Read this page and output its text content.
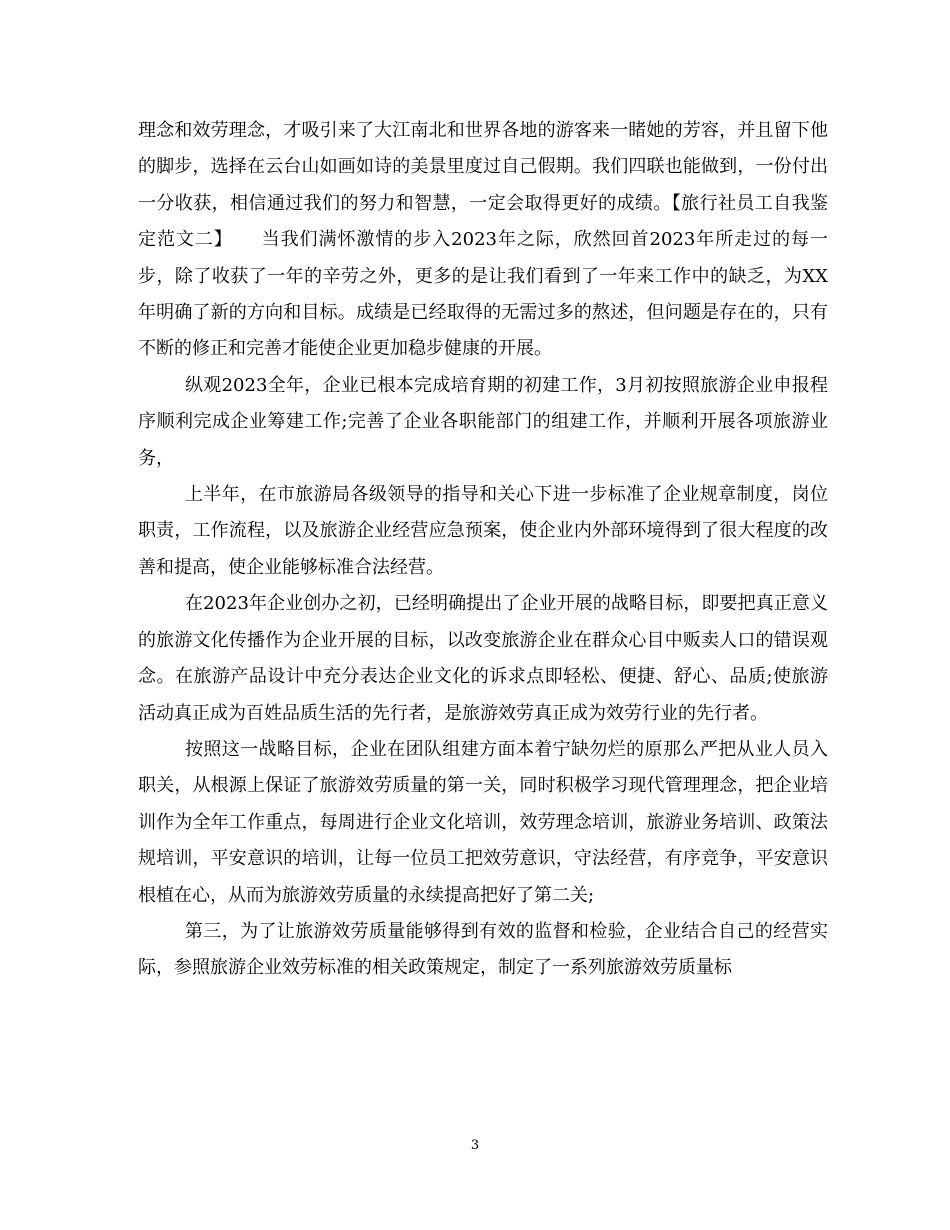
理念和效劳理念，才吸引来了大江南北和世界各地的游客来一睹她的芳容，并且留下他的脚步，选择在云台山如画如诗的美景里度过自己假期。我们四联也能做到，一份付出一分收获，相信通过我们的努力和智慧，一定会取得更好的成绩。【旅行社员工自我鉴定范文二】　　当我们满怀激情的步入2023年之际，欣然回首2023年所走过的每一步，除了收获了一年的辛劳之外，更多的是让我们看到了一年来工作中的缺乏，为XX年明确了新的方向和目标。成绩是已经取得的无需过多的熬述，但问题是存在的，只有不断的修正和完善才能使企业更加稳步健康的开展。

纵观2023全年，企业已根本完成培育期的初建工作，3月初按照旅游企业申报程序顺利完成企业筹建工作;完善了企业各职能部门的组建工作，并顺利开展各项旅游业务，

上半年，在市旅游局各级领导的指导和关心下进一步标准了企业规章制度，岗位职责，工作流程，以及旅游企业经营应急预案，使企业内外部环境得到了很大程度的改善和提高，使企业能够标准合法经营。

在2023年企业创办之初，已经明确提出了企业开展的战略目标，即要把真正意义的旅游文化传播作为企业开展的目标，以改变旅游企业在群众心目中贩卖人口的错误观念。在旅游产品设计中充分表达企业文化的诉求点即轻松、便捷、舒心、品质;使旅游活动真正成为百姓品质生活的先行者，是旅游效劳真正成为效劳行业的先行者。

按照这一战略目标，企业在团队组建方面本着宁缺勿烂的原那么严把从业人员入职关，从根源上保证了旅游效劳质量的第一关，同时积极学习现代管理理念，把企业培训作为全年工作重点，每周进行企业文化培训，效劳理念培训，旅游业务培训、政策法规培训，平安意识的培训，让每一位员工把效劳意识，守法经营，有序竞争，平安意识根植在心，从而为旅游效劳质量的永续提高把好了第二关;

第三，为了让旅游效劳质量能够得到有效的监督和检验，企业结合自己的经营实际，参照旅游企业效劳标准的相关政策规定，制定了一系列旅游效劳质量标

3
